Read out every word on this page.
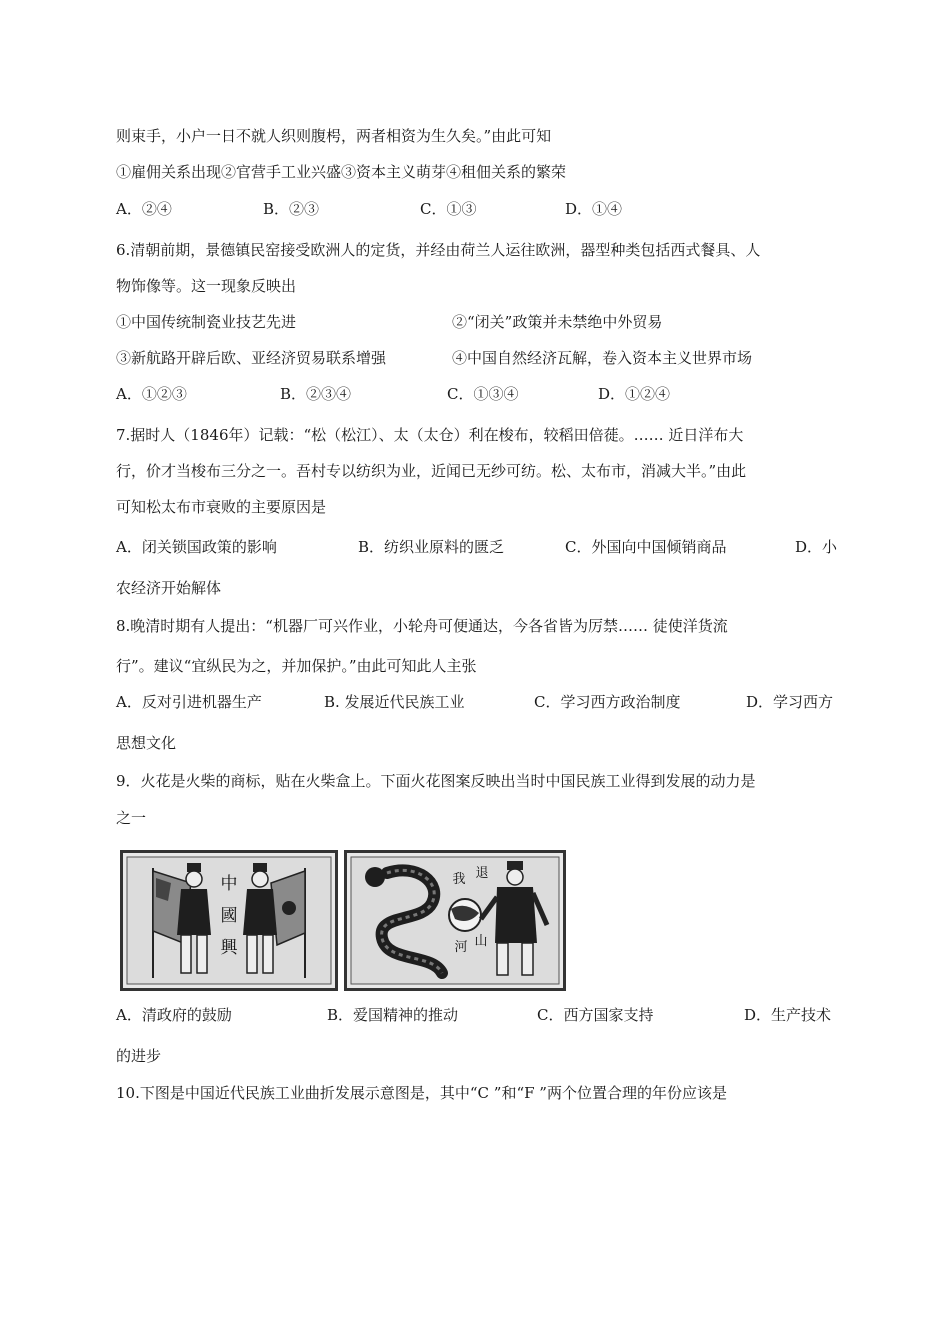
则束手，小户一日不就人织则腹枵，两者相资为生久矣。”由此可知
①雇佣关系出现②官营手工业兴盛③资本主义萌芽④租佃关系的繁荣
A．②④	B．②③	C．①③	D．①④
6.清朝前期，景德镇民窑接受欧洲人的定货，并经由荷兰人运往欧洲，器型种类包括西式餐具、人
物饰像等。这一现象反映出
①中国传统制瓷业技艺先进	②“闭关”政策并未禁绝中外贸易
③新航路开辟后欧、亚经济贸易联系增强	④中国自然经济瓦解，卷入资本主义世界市场
A．①②③	B．②③④	C．①③④	D．①②④
7.据时人（1846年）记载：“松（松江）、太（太仓）利在梭布，较稻田倍蓰。…… 近日洋布大
行，价才当梭布三分之一。吾村专以纺织为业，近闻已无纱可纺。松、太布市，消减大半。”由此
可知松太布市衰败的主要原因是
A．闭关锁国政策的影响	B．纺织业原料的匮乏	C．外国向中国倾销商品	D．小
农经济开始解体
8.晚清时期有人提出：“机器厂可兴作业，小轮舟可便通达，今各省皆为厉禁…… 徒使洋货流
行”。建议“宜纵民为之，并加保护。”由此可知此人主张
A．反对引进机器生产	B. 发展近代民族工业	C．学习西方政治制度	D．学习西方
思想文化
9．火花是火柴的商标，贴在火柴盒上。下面火花图案反映出当时中国民族工业得到发展的动力是
之一
中
國
興
退
我
河 山
A．清政府的鼓励	B．爱国精神的推动	C．西方国家支持	D．生产技术
的进步
10.下图是中国近代民族工业曲折发展示意图是，其中“C ”和“F ”两个位置合理的年份应该是
